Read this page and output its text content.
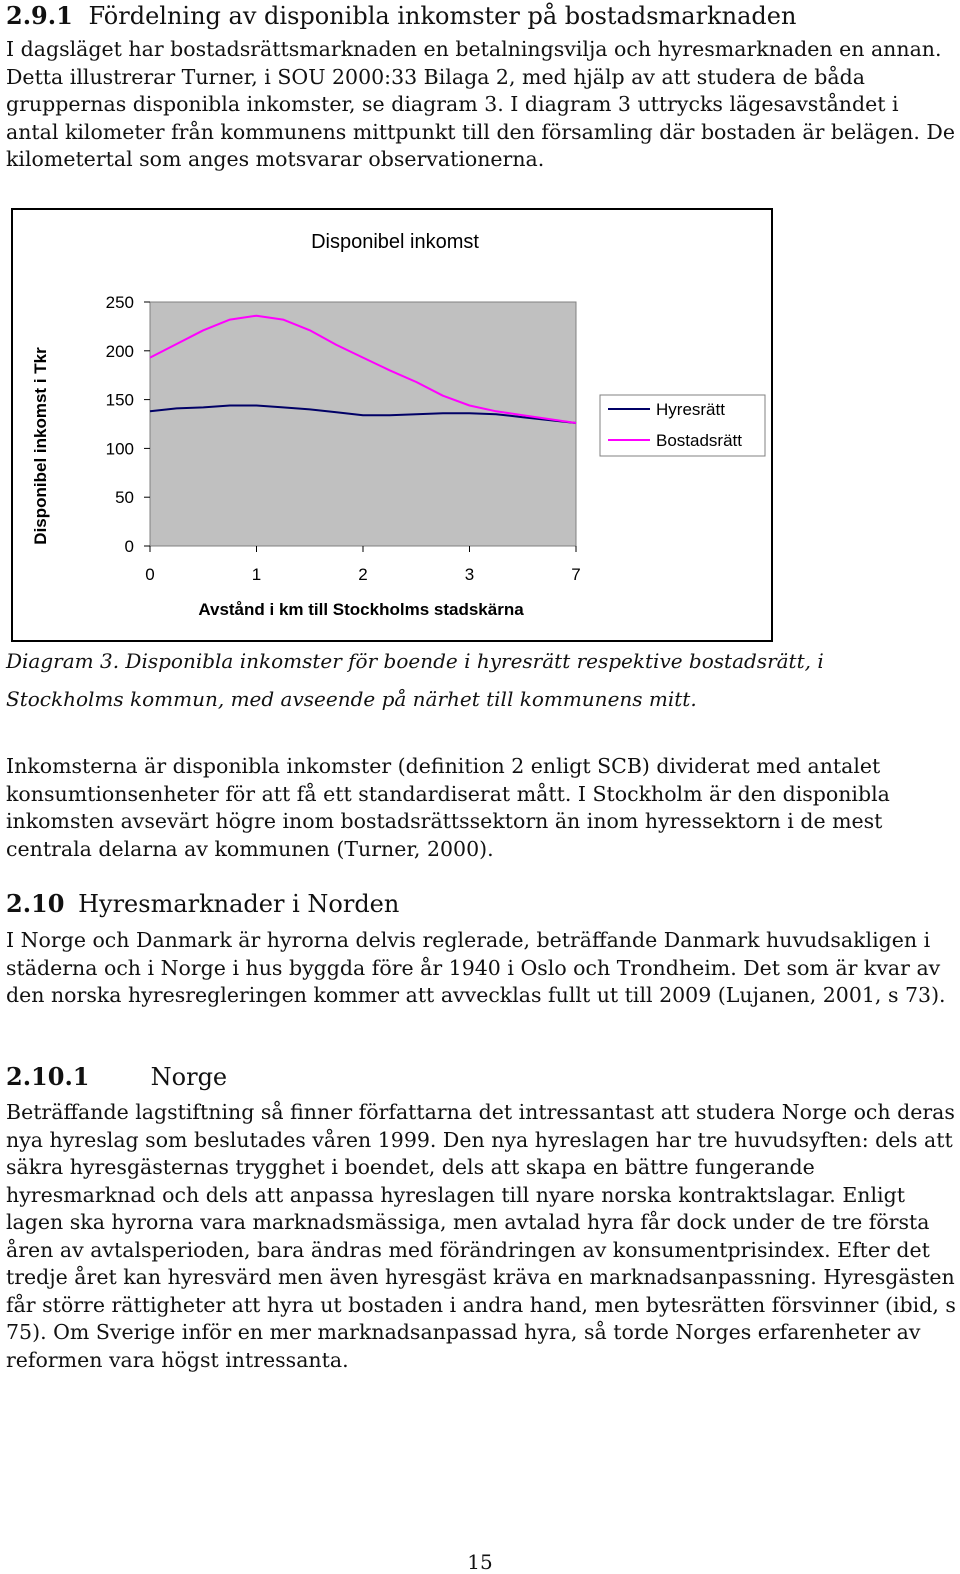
2.9.1 Fördelning av disponibla inkomster på bostadsmarknaden

I dagsläget har bostadsrättsmarknaden en betalningsvilja och hyresmarknaden en annan. Detta illustrerar Turner, i SOU 2000:33 Bilaga 2, med hjälp av att studera de båda gruppernas disponibla inkomster, se diagram 3. I diagram 3 uttrycks lägesavståndet i antal kilometer från kommunens mittpunkt till den församling där bostaden är belägen. De kilometertal som anges motsvarar observationerna.

Disponibel inkomst
Disponibel inkomst i Tkr
Avstånd i km till Stockholms stadskärna
0
50
100
150
200
250
0	1	2	3	7
Hyresrätt
Bostadsrätt

Diagram 3. Disponibla inkomster för boende i hyresrätt respektive bostadsrätt, i Stockholms kommun, med avseende på närhet till kommunens mitt.

Inkomsterna är disponibla inkomster (definition 2 enligt SCB) dividerat med antalet konsumtionsenheter för att få ett standardiserat mått. I Stockholm är den disponibla inkomsten avsevärt högre inom bostadsrättssektorn än inom hyressektorn i de mest centrala delarna av kommunen (Turner, 2000).

2.10 Hyresmarknader i Norden

I Norge och Danmark är hyrorna delvis reglerade, beträffande Danmark huvudsakligen i städerna och i Norge i hus byggda före år 1940 i Oslo och Trondheim. Det som är kvar av den norska hyresregleringen kommer att avvecklas fullt ut till 2009 (Lujanen, 2001, s 73).

2.10.1	Norge

Beträffande lagstiftning så finner författarna det intressantast att studera Norge och deras nya hyreslag som beslutades våren 1999. Den nya hyreslagen har tre huvudsyften: dels att säkra hyresgästernas trygghet i boendet, dels att skapa en bättre fungerande hyresmarknad och dels att anpassa hyreslagen till nyare norska kontraktslagar. Enligt lagen ska hyrorna vara marknadsmässiga, men avtalad hyra får dock under de tre första åren av avtalsperioden, bara ändras med förändringen av konsumentprisindex. Efter det tredje året kan hyresvärd men även hyresgäst kräva en marknadsanpassning. Hyresgästen får större rättigheter att hyra ut bostaden i andra hand, men bytesrätten försvinner (ibid, s 75). Om Sverige inför en mer marknadsanpassad hyra, så torde Norges erfarenheter av reformen vara högst intressanta.

15
